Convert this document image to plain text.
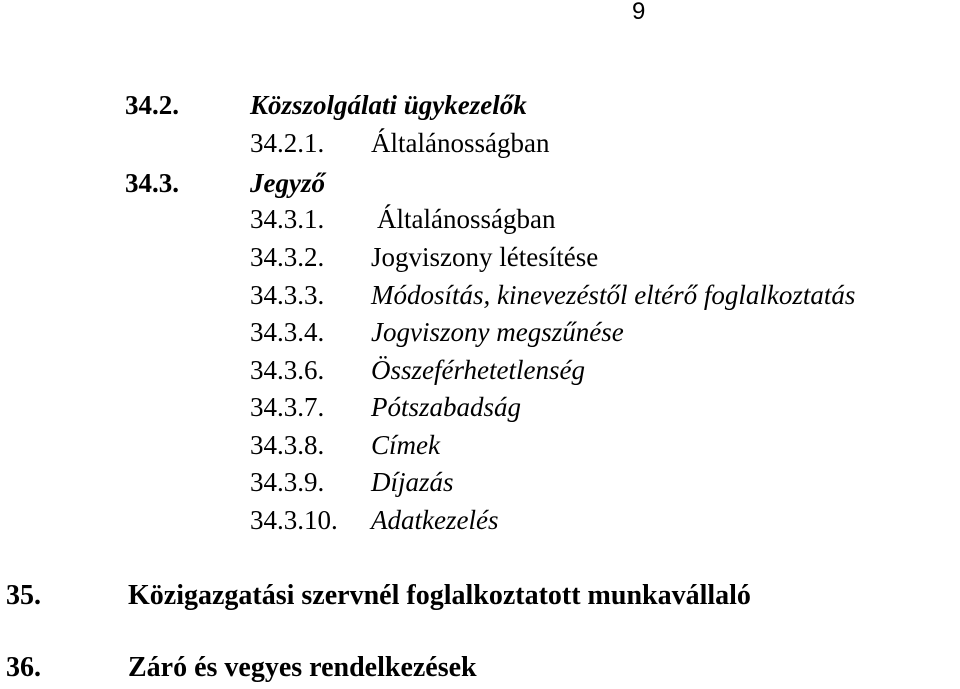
9
34.2.	Közszolgálati ügykezelők
34.2.1. Általánosságban
34.3.	Jegyző
34.3.1. Általánosságban
34.3.2. Jogviszony létesítése
34.3.3. Módosítás, kinevezéstől eltérő foglalkoztatás
34.3.4. Jogviszony megszűnése
34.3.6. Összeférhetetlenség
34.3.7. Pótszabadság
34.3.8. Címek
34.3.9. Díjazás
34.3.10. Adatkezelés
35.	Közigazgatási szervnél foglalkoztatott munkavállaló
36.	Záró és vegyes rendelkezések
